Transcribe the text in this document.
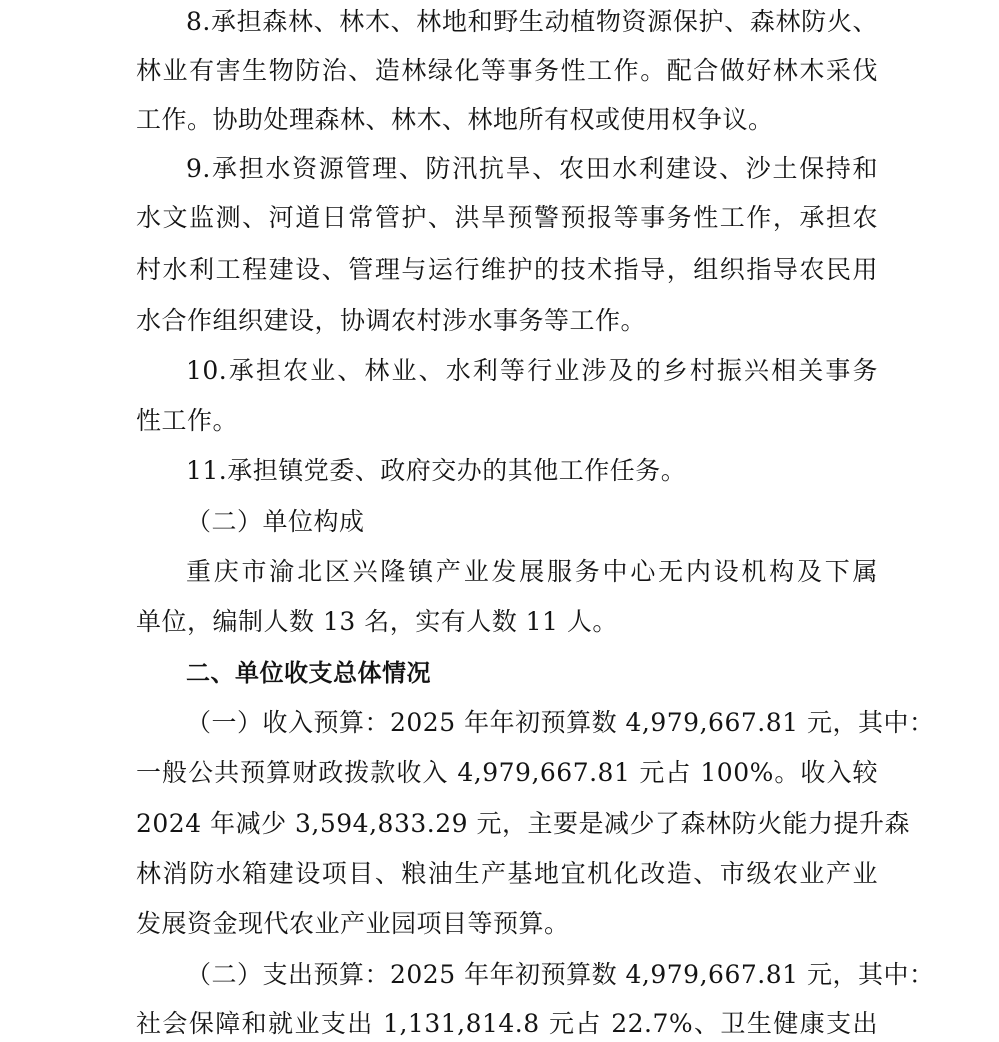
8.承担森林、林木、林地和野生动植物资源保护、森林防火、
林业有害生物防治、造林绿化等事务性工作。配合做好林木采伐
工作。协助处理森林、林木、林地所有权或使用权争议。
9.承担水资源管理、防汛抗旱、农田水利建设、沙土保持和
水文监测、河道日常管护、洪旱预警预报等事务性工作，承担农
村水利工程建设、管理与运行维护的技术指导，组织指导农民用
水合作组织建设，协调农村涉水事务等工作。
10.承担农业、林业、水利等行业涉及的乡村振兴相关事务
性工作。
11.承担镇党委、政府交办的其他工作任务。
（二）单位构成
重庆市渝北区兴隆镇产业发展服务中心无内设机构及下属
单位，编制人数 13 名，实有人数 11 人。
二、单位收支总体情况
（一）收入预算：2025 年年初预算数 4,979,667.81 元，其中：
一般公共预算财政拨款收入 4,979,667.81 元占 100%。收入较
2024 年减少 3,594,833.29 元，主要是减少了森林防火能力提升森
林消防水箱建设项目、粮油生产基地宜机化改造、市级农业产业
发展资金现代农业产业园项目等预算。
（二）支出预算：2025 年年初预算数 4,979,667.81 元，其中：
社会保障和就业支出 1,131,814.8 元占 22.7%、卫生健康支出
